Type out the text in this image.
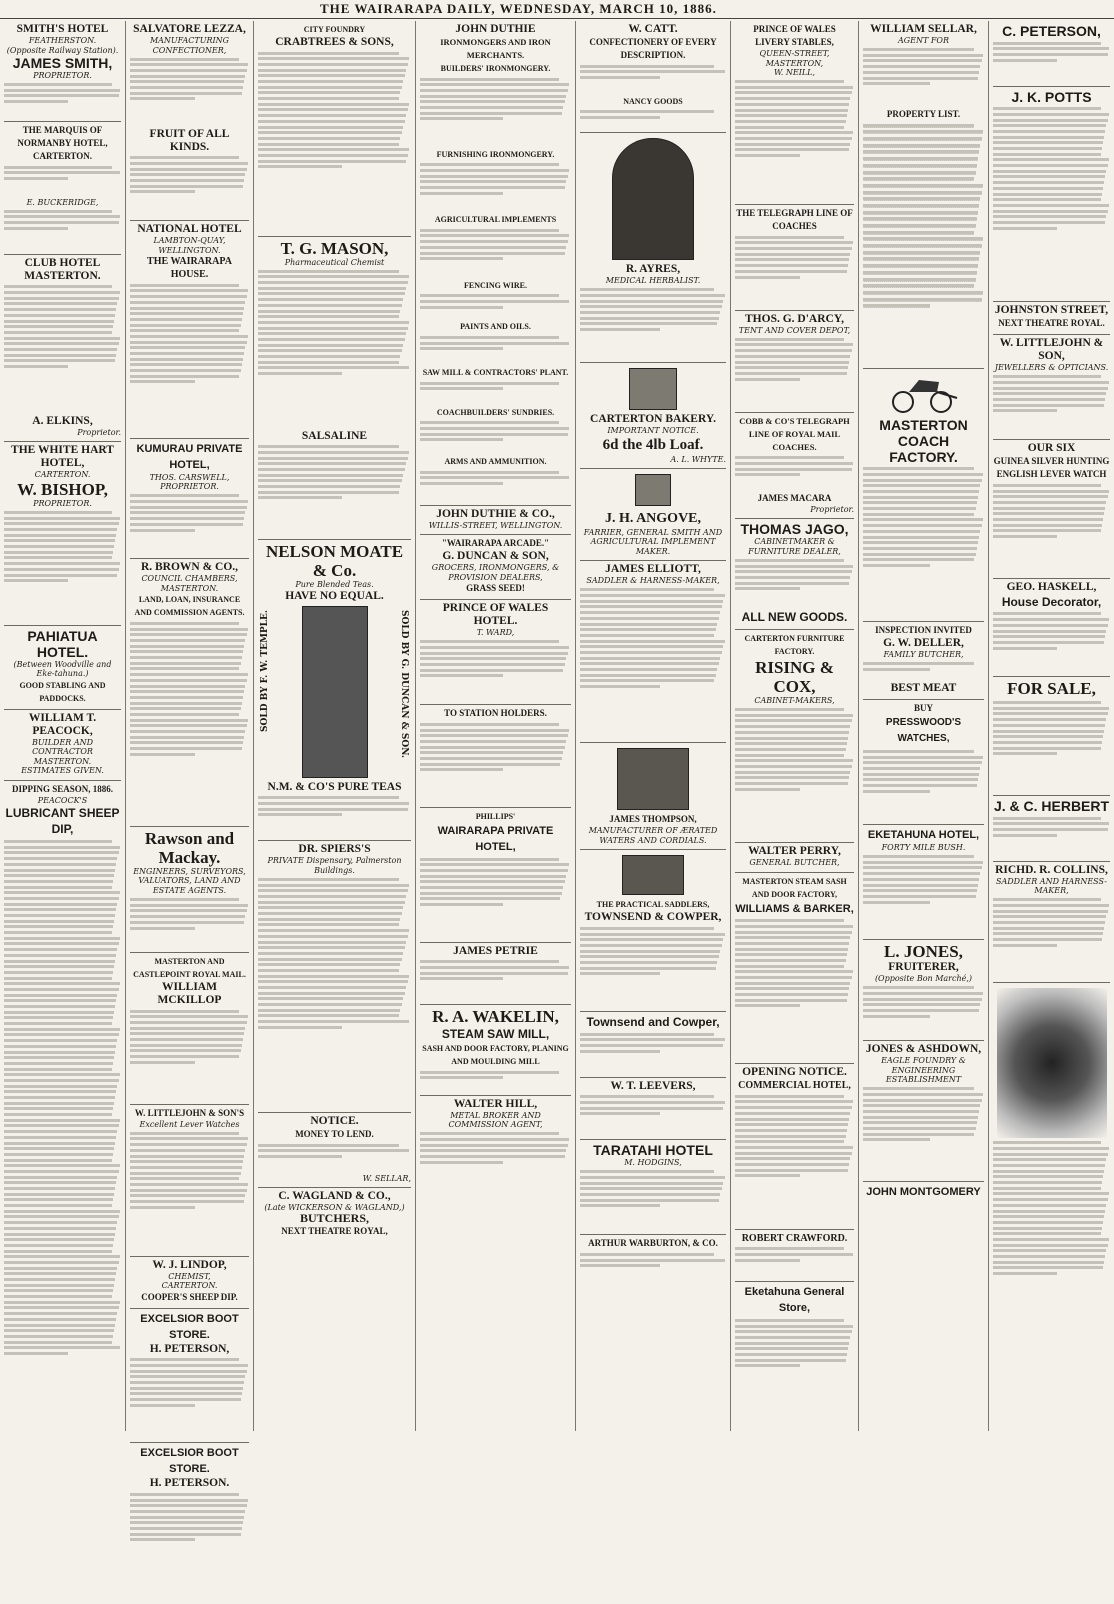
THE WAIRARAPA DAILY, WEDNESDAY, MARCH 10, 1886.
SMITH'S HOTEL
FEATHERSTON.
(Opposite Railway Station).
JAMES SMITH,
PROPRIETOR.
THE MARQUIS OF NORMANBY HOTEL, CARTERTON.
E. BUCKERIDGE,
CLUB HOTEL MASTERTON.
A. ELKINS,
Proprietor.
THE WHITE HART HOTEL,
CARTERTON.
W. BISHOP,
PROPRIETOR.
PAHIATUA HOTEL.
(Between Woodville and Eke-tahuna.)
GOOD STABLING AND PADDOCKS.
WILLIAM T. PEACOCK,
BUILDER AND CONTRACTOR
MASTERTON.
ESTIMATES GIVEN.
DIPPING SEASON, 1886.
PEACOCK'S
LUBRICANT SHEEP DIP,
SALVATORE LEZZA,
MANUFACTURING CONFECTIONER,
FRUIT OF ALL KINDS.
NATIONAL HOTEL
LAMBTON-QUAY, WELLINGTON.
THE WAIRARAPA HOUSE.
KUMURAU PRIVATE HOTEL,
THOS. CARSWELL, PROPRIETOR.
R. BROWN & CO.,
COUNCIL CHAMBERS, MASTERTON.
LAND, LOAN, INSURANCE AND COMMISSION AGENTS.
Rawson and Mackay.
ENGINEERS, SURVEYORS, VALUATORS, LAND AND ESTATE AGENTS.
MASTERTON AND CASTLEPOINT ROYAL MAIL.
WILLIAM MCKILLOP
W. LITTLEJOHN & SON'S
Excellent Lever Watches
W. J. LINDOP,
CHEMIST,
CARTERTON.
COOPER'S SHEEP DIP.
EXCELSIOR BOOT STORE.
H. PETERSON,
EXCELSIOR BOOT STORE.
H. PETERSON.
CITY FOUNDRY
CRABTREES & SONS,
T. G. MASON,
Pharmaceutical Chemist
SALSALINE
NELSON MOATE & Co.
Pure Blended Teas.
HAVE NO EQUAL.
N.M. & CO'S PURE TEAS
SOLD BY F. W. TEMPLE.	SOLD BY G. DUNCAN & SON.
DR. SPIERS'S
PRIVATE Dispensary, Palmerston Buildings.
NOTICE.
MONEY TO LEND.
W. SELLAR,
C. WAGLAND & CO.,
(Late WICKERSON & WAGLAND,)
BUTCHERS,
NEXT THEATRE ROYAL,
JOHN DUTHIE
IRONMONGERS AND IRON MERCHANTS.
BUILDERS' IRONMONGERY.
FURNISHING IRONMONGERY.
AGRICULTURAL IMPLEMENTS
FENCING WIRE.
PAINTS AND OILS.
SAW MILL & CONTRACTORS' PLANT.
COACHBUILDERS' SUNDRIES.
ARMS AND AMMUNITION.
JOHN DUTHIE & CO.,
WILLIS-STREET, WELLINGTON.
"WAIRARAPA ARCADE."
G. DUNCAN & SON,
GROCERS, IRONMONGERS, & PROVISION DEALERS,
GRASS SEED!
PRINCE OF WALES HOTEL.
T. WARD,
TO STATION HOLDERS.
PHILLIPS'
WAIRARAPA PRIVATE HOTEL,
JAMES PETRIE
R. A. WAKELIN,
STEAM SAW MILL,
SASH AND DOOR FACTORY, PLANING AND MOULDING MILL
WALTER HILL,
METAL BROKER AND COMMISSION AGENT,
W. CATT.
CONFECTIONERY OF EVERY DESCRIPTION.
NANCY GOODS
R. AYRES,
MEDICAL HERBALIST.
CARTERTON BAKERY.
IMPORTANT NOTICE.
6d the 4lb Loaf.
A. L. WHYTE.
J. H. ANGOVE,
FARRIER, GENERAL SMITH AND AGRICULTURAL IMPLEMENT MAKER.
JAMES ELLIOTT,
SADDLER & HARNESS-MAKER,
JAMES THOMPSON,
MANUFACTURER OF ÆRATED WATERS AND CORDIALS.
THE PRACTICAL SADDLERS,
TOWNSEND & COWPER,
Townsend and Cowper,
W. T. LEEVERS,
TARATAHI HOTEL
M. HODGINS,
ARTHUR WARBURTON, & CO.
PRINCE OF WALES LIVERY STABLES,
QUEEN-STREET, MASTERTON,
W. NEILL,
THE TELEGRAPH LINE OF COACHES
THOS. G. D'ARCY,
TENT AND COVER DEPOT,
COBB & CO'S TELEGRAPH LINE OF ROYAL MAIL COACHES.
JAMES MACARA
Proprietor.
THOMAS JAGO,
CABINETMAKER & FURNITURE DEALER,
ALL NEW GOODS.
CARTERTON FURNITURE FACTORY.
RISING & COX,
CABINET-MAKERS,
WALTER PERRY,
GENERAL BUTCHER,
MASTERTON STEAM SASH AND DOOR FACTORY,
WILLIAMS & BARKER,
OPENING NOTICE.
COMMERCIAL HOTEL,
ROBERT CRAWFORD.
Eketahuna General Store,
WILLIAM SELLAR,
AGENT FOR
PROPERTY LIST.
MASTERTON COACH FACTORY.
INSPECTION INVITED
G. W. DELLER,
FAMILY BUTCHER,
BEST MEAT
BUY
PRESSWOOD'S WATCHES,
EKETAHUNA HOTEL,
FORTY MILE BUSH.
L. JONES,
FRUITERER,
(Opposite Bon Marché,)
JONES & ASHDOWN,
EAGLE FOUNDRY & ENGINEERING ESTABLISHMENT
JOHN MONTGOMERY
C. PETERSON,
J. K. POTTS
JOHNSTON STREET,
NEXT THEATRE ROYAL.
W. LITTLEJOHN & SON,
JEWELLERS & OPTICIANS.
OUR SIX
GUINEA SILVER HUNTING ENGLISH LEVER WATCH
GEO. HASKELL,
House Decorator,
FOR SALE,
J. & C. HERBERT
RICHD. R. COLLINS,
SADDLER AND HARNESS-MAKER,
